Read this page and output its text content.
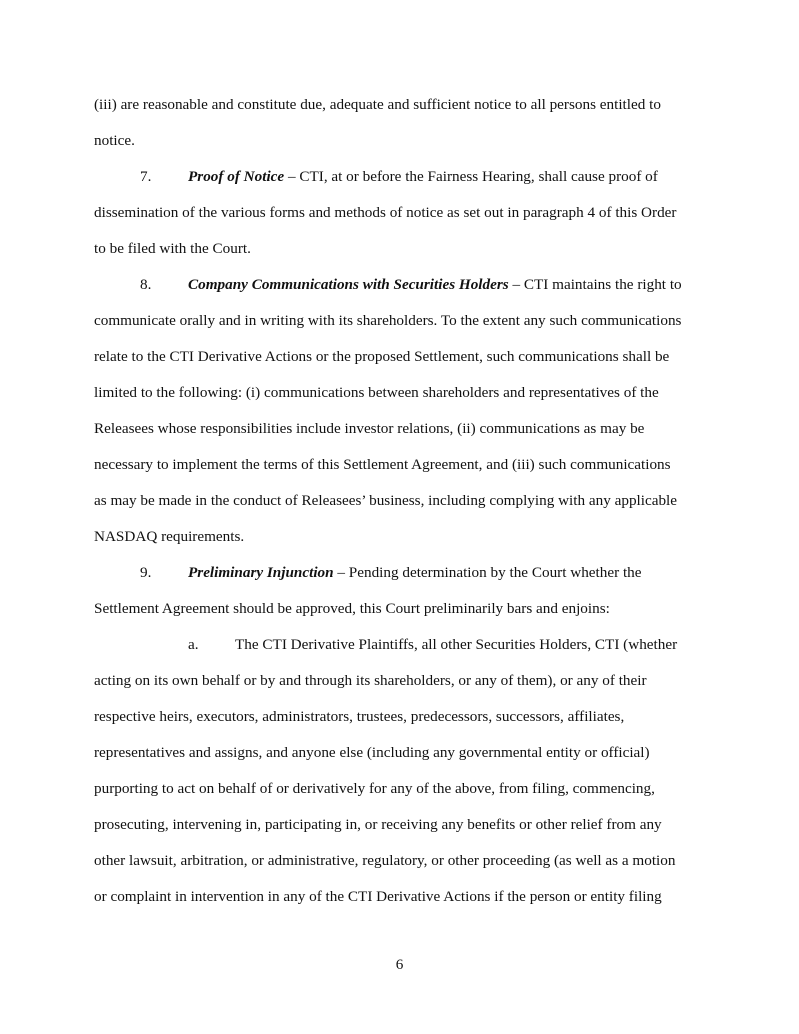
(iii) are reasonable and constitute due, adequate and sufficient notice to all persons entitled to
notice.
7. Proof of Notice – CTI, at or before the Fairness Hearing, shall cause proof of
dissemination of the various forms and methods of notice as set out in paragraph 4 of this Order
to be filed with the Court.
8. Company Communications with Securities Holders – CTI maintains the right to
communicate orally and in writing with its shareholders. To the extent any such communications
relate to the CTI Derivative Actions or the proposed Settlement, such communications shall be
limited to the following: (i) communications between shareholders and representatives of the
Releasees whose responsibilities include investor relations, (ii) communications as may be
necessary to implement the terms of this Settlement Agreement, and (iii) such communications
as may be made in the conduct of Releasees’ business, including complying with any applicable
NASDAQ requirements.
9. Preliminary Injunction – Pending determination by the Court whether the
Settlement Agreement should be approved, this Court preliminarily bars and enjoins:
a. The CTI Derivative Plaintiffs, all other Securities Holders, CTI (whether
acting on its own behalf or by and through its shareholders, or any of them), or any of their
respective heirs, executors, administrators, trustees, predecessors, successors, affiliates,
representatives and assigns, and anyone else (including any governmental entity or official)
purporting to act on behalf of or derivatively for any of the above, from filing, commencing,
prosecuting, intervening in, participating in, or receiving any benefits or other relief from any
other lawsuit, arbitration, or administrative, regulatory, or other proceeding (as well as a motion
or complaint in intervention in any of the CTI Derivative Actions if the person or entity filing
6
